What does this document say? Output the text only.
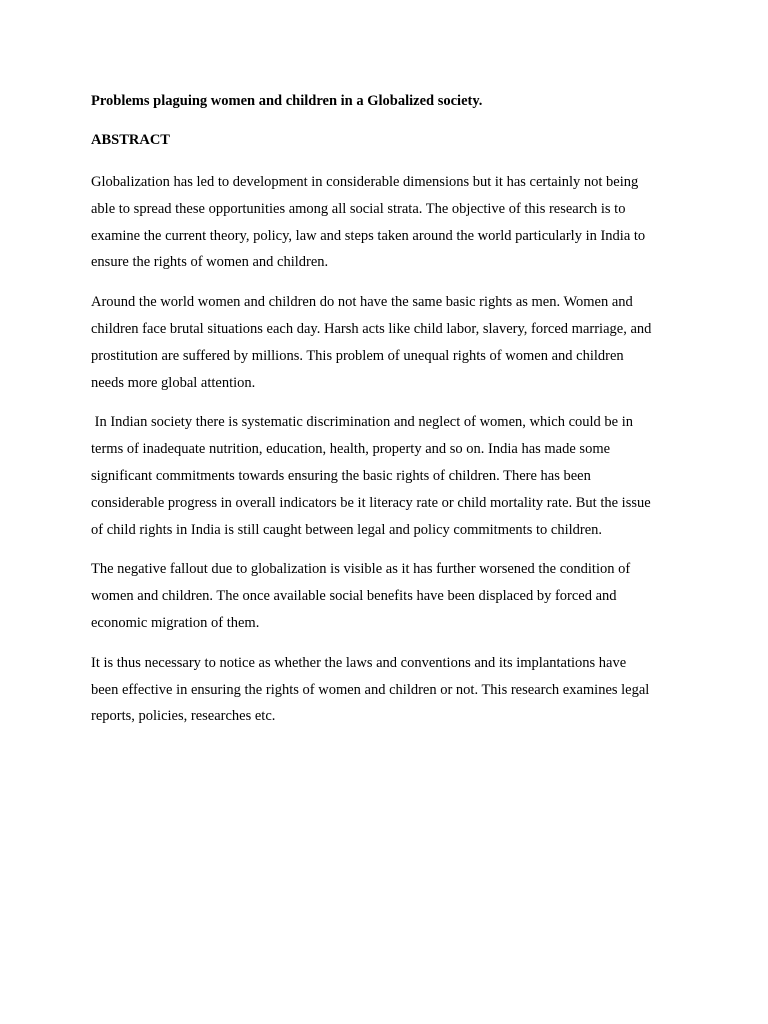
Problems plaguing women and children in a Globalized society.
ABSTRACT
Globalization has led to development in considerable dimensions but it has certainly not being
able to spread these opportunities among all social strata. The objective of this research is to
examine the current theory, policy, law and steps taken around the world particularly in India to
ensure the rights of women and children.
Around the world women and children do not have the same basic rights as men. Women and
children face brutal situations each day. Harsh acts like child labor, slavery, forced marriage, and
prostitution are suffered by millions. This problem of unequal rights of women and children
needs more global attention.
In Indian society there is systematic discrimination and neglect of women, which could be in
terms of inadequate nutrition, education, health, property and so on. India has made some
significant commitments towards ensuring the basic rights of children. There has been
considerable progress in overall indicators be it literacy rate or child mortality rate. But the issue
of child rights in India is still caught between legal and policy commitments to children.
The negative fallout due to globalization is visible as it has further worsened the condition of
women and children. The once available social benefits have been displaced by forced and
economic migration of them.
It is thus necessary to notice as whether the laws and conventions and its implantations have
been effective in ensuring the rights of women and children or not. This research examines legal
reports, policies, researches etc.
